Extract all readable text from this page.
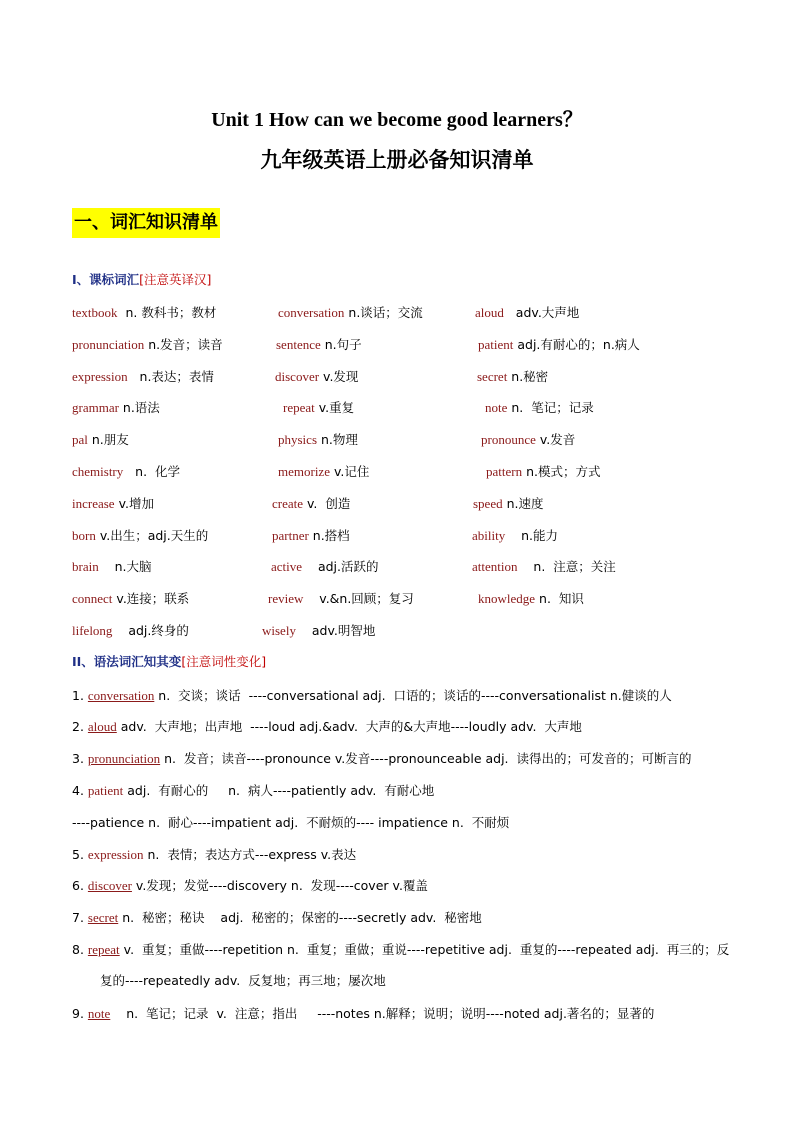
Unit 1 How can we become good learners？
九年级英语上册必备知识清单
一、词汇知识清单
I、课标词汇[注意英译汉]
textbook  n. 教科书；教材	conversation n.谈话；交流	aloud   adv.大声地
pronunciation n.发音；读音	sentence n.句子	patient adj.有耐心的；n.病人
expression   n.表达；表情	discover v.发现	secret n.秘密
grammar n.语法	repeat v.重复	note n.  笔记；记录
pal n.朋友	physics n.物理	pronounce v.发音
chemistry   n.  化学	memorize v.记住	pattern n.模式；方式
increase v.增加	create v.  创造	speed n.速度
born v.出生；adj.天生的	partner n.搭档	ability    n.能力
brain    n.大脑	active    adj.活跃的	attention    n.  注意；关注
connect v.连接；联系	review    v.&n.回顾；复习	knowledge n.  知识
lifelong    adj.终身的	wisely    adv.明智地
II、语法词汇知其变[注意词性变化]
1. conversation n.  交谈；谈话  ----conversational adj.  口语的；谈话的----conversationalist n.健谈的人
2. aloud adv.  大声地；出声地  ----loud adj.&adv.  大声的&大声地----loudly adv.  大声地
3. pronunciation n.  发音；读音----pronounce v.发音----pronounceable adj.  读得出的；可发音的；可断言的
4. patient adj.  有耐心的     n.  病人----patiently adv.  有耐心地
----patience n.  耐心----impatient adj.  不耐烦的---- impatience n.  不耐烦
5. expression n.  表情；表达方式---express v.表达
6. discover v.发现；发觉----discovery n.  发现----cover v.覆盖
7. secret n.  秘密；秘诀    adj.  秘密的；保密的----secretly adv.  秘密地
8. repeat v.  重复；重做----repetition n.  重复；重做；重说----repetitive adj.  重复的----repeated adj.  再三的；反
复的----repeatedly adv.  反复地；再三地；屡次地
9. note    n.  笔记；记录  v.  注意；指出     ----notes n.解释；说明；说明----noted adj.著名的；显著的
